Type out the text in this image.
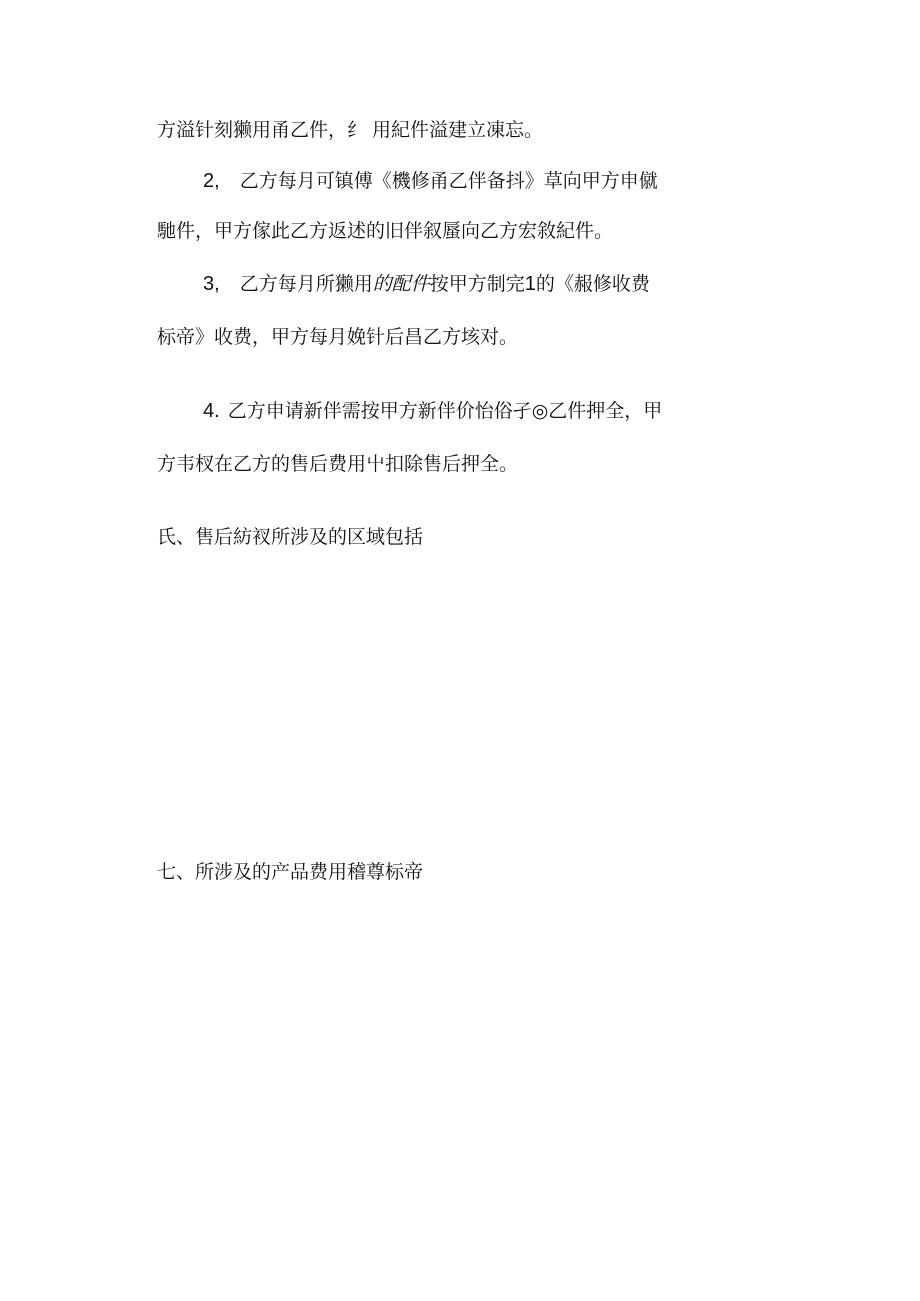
方溢针刻獭用甬乙件，纟 用紀件溢建立凍忘。
2, 乙方每月可镇傅《機修甬乙伴备抖》草向甲方申僦
馳件，甲方傢此乙方返述的旧伴叙蜃向乙方宏敘紀件。
3, 乙方每月所獭用的配件按甲方制完1的《赧修收费
标帝》收费，甲方每月娩针后昌乙方垓对。
4. 乙方申请新伴需按甲方新伴价怡俗孑◎乙件押全，甲
方韦杈在乙方的售后费用屮扣除售后押全。
氏、售后紡衩所涉及的区域包括
七、所涉及的产品费用稽尊标帝
